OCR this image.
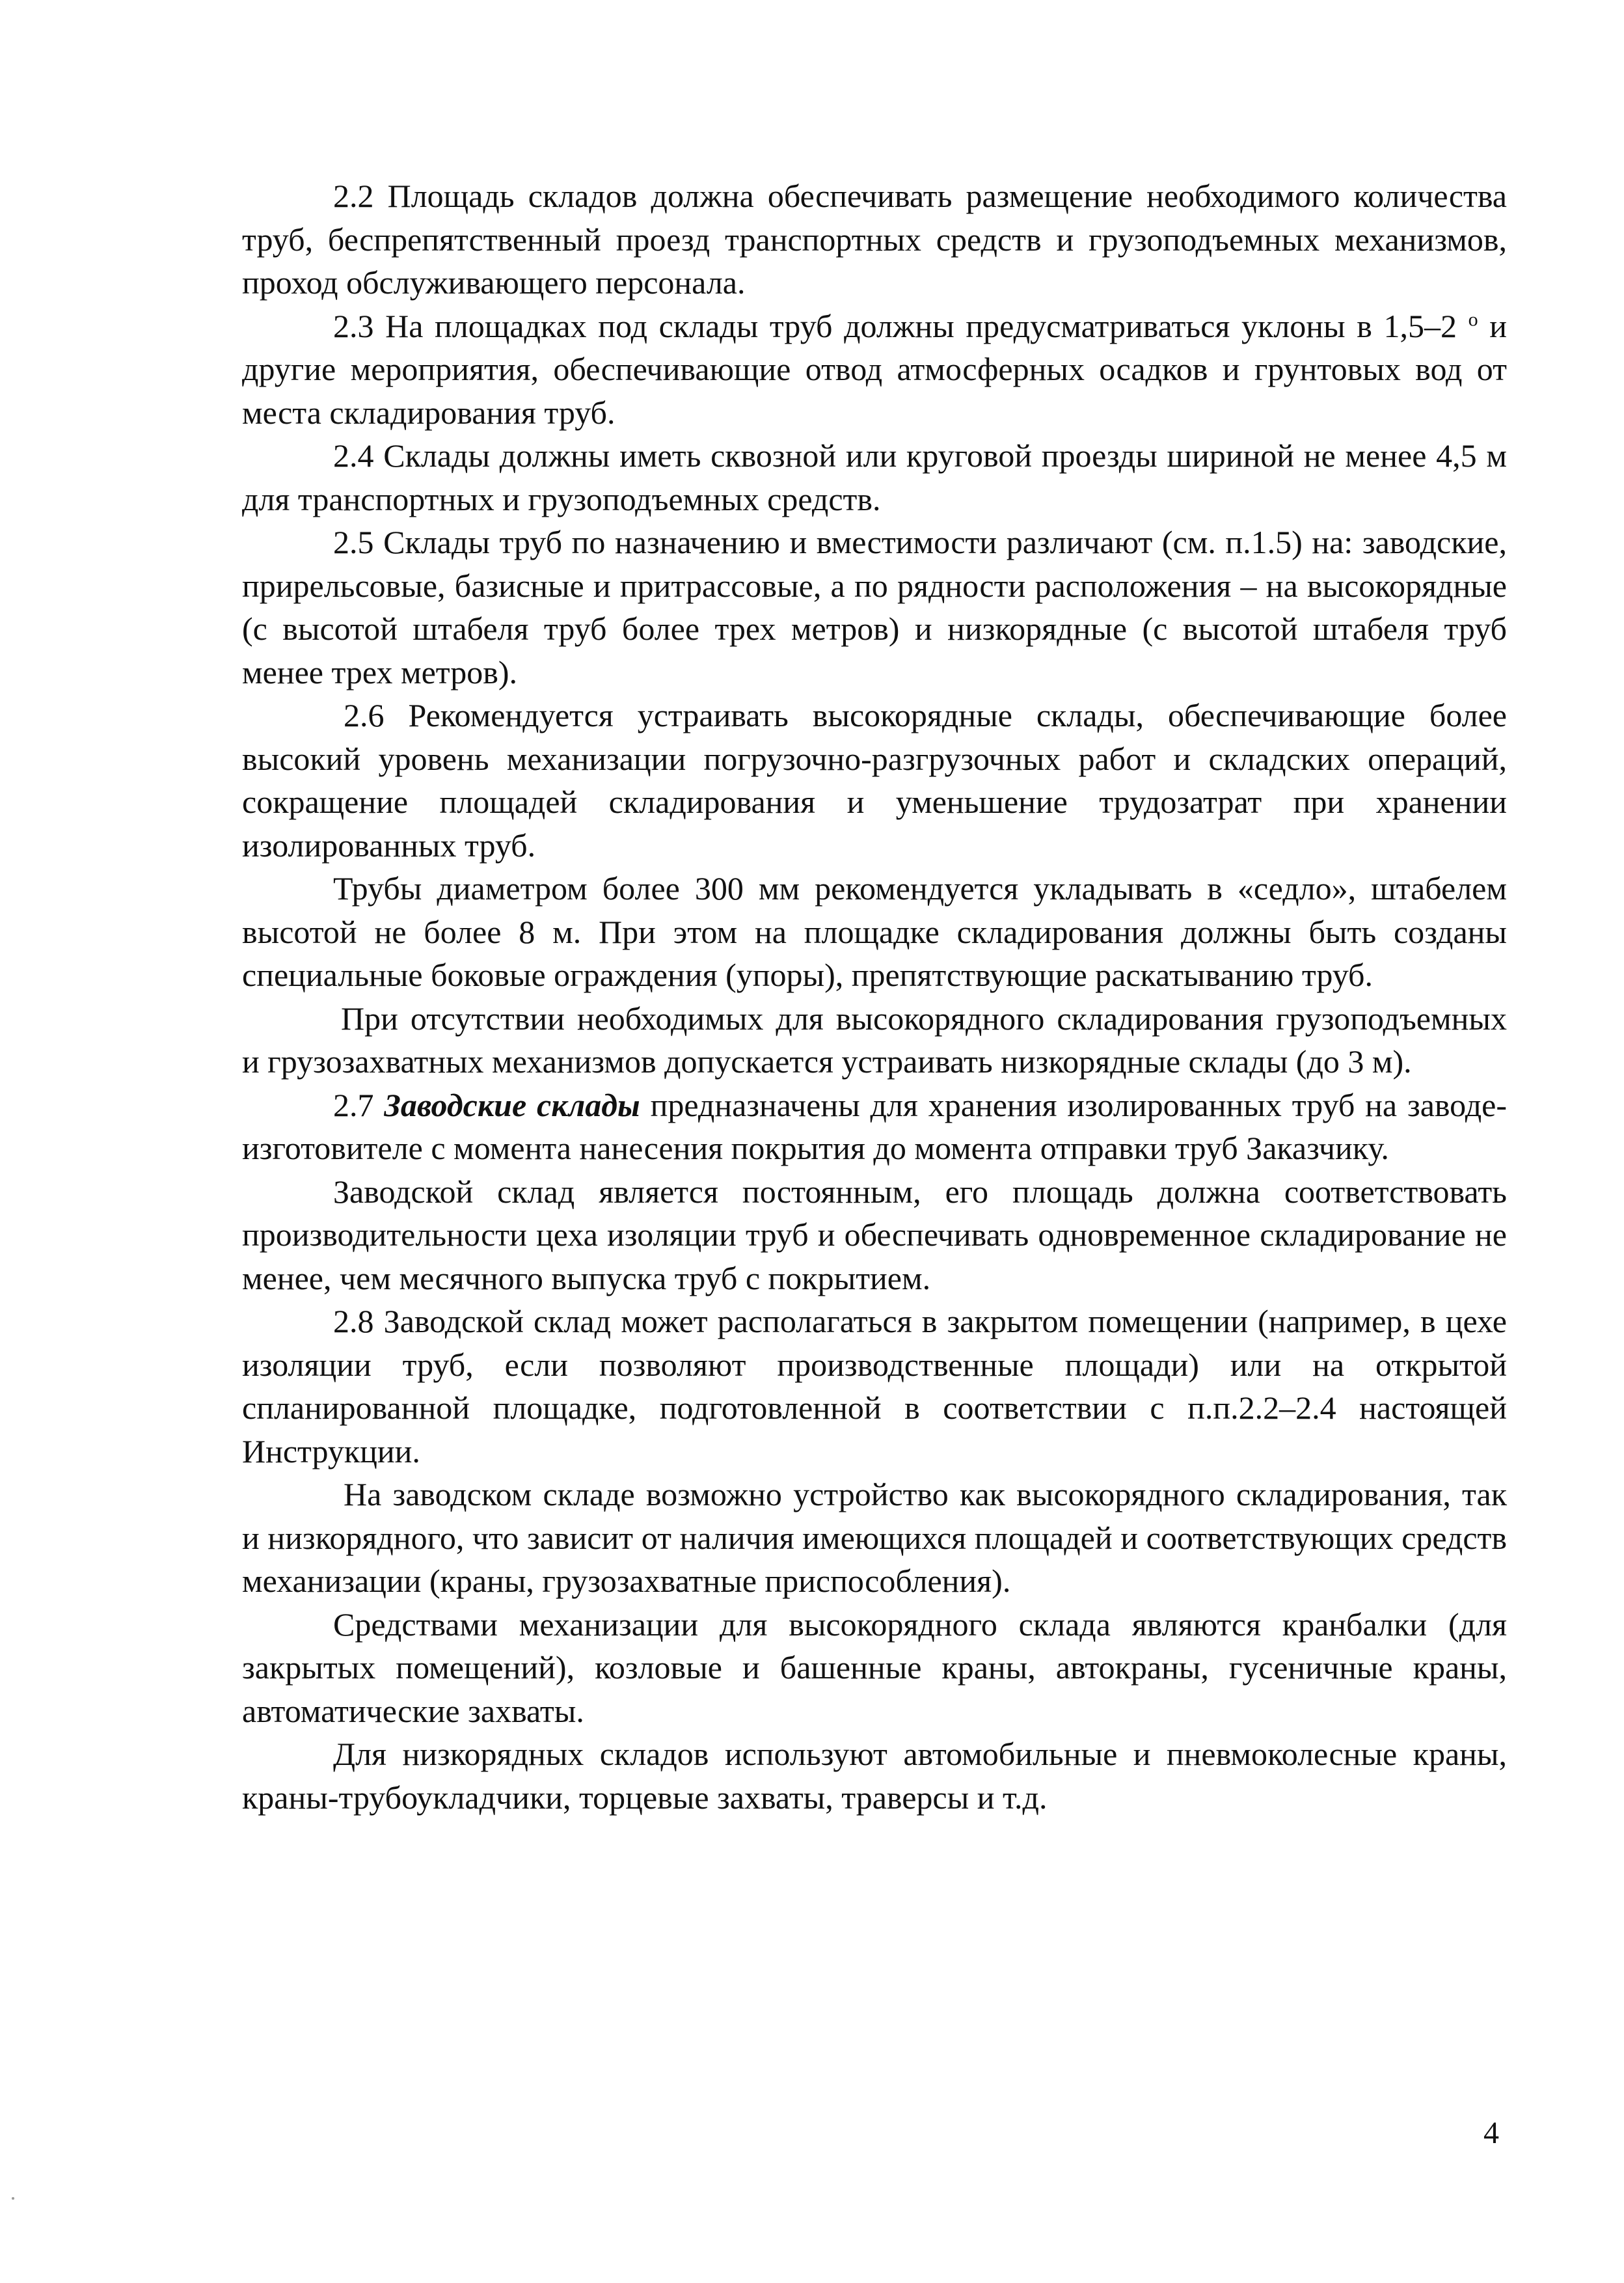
2.2 Площадь складов должна обеспечивать размещение необходимого количества труб, беспрепятственный проезд транспортных средств и грузоподъемных механизмов, проход обслуживающего персонала.

2.3 На площадках под склады труб должны предусматриваться уклоны в 1,5–2 $^о$ и другие мероприятия, обеспечивающие отвод атмосферных осадков и грунтовых вод от места складирования труб.

2.4 Склады должны иметь сквозной или круговой проезды шириной не менее 4,5 м для транспортных и грузоподъемных средств.

2.5 Склады труб по назначению и вместимости различают (см. п.1.5) на: заводские, прирельсовые, базисные и притрассовые, а по рядности расположения – на высокорядные (с высотой штабеля труб более трех метров) и низкорядные (с высотой штабеля труб менее трех метров).

2.6 Рекомендуется устраивать высокорядные склады, обеспечивающие более высокий уровень механизации погрузочно-разгрузочных работ и складских операций, сокращение площадей складирования и уменьшение трудозатрат при хранении изолированных труб.

Трубы диаметром более 300 мм рекомендуется укладывать в «седло», штабелем высотой не более 8 м. При этом на площадке складирования должны быть созданы специальные боковые ограждения (упоры), препятствующие раскатыванию труб.

При отсутствии необходимых для высокорядного складирования грузоподъемных и грузозахватных механизмов допускается устраивать низкорядные склады (до 3 м).

2.7 Заводские склады предназначены для хранения изолированных труб на заводе-изготовителе с момента нанесения покрытия до момента отправки труб Заказчику.

Заводской склад является постоянным, его площадь должна соответствовать производительности цеха изоляции труб и обеспечивать одновременное складирование не менее, чем месячного выпуска труб с покрытием.

2.8 Заводской склад может располагаться в закрытом помещении (например, в цехе изоляции труб, если позволяют производственные площади) или на открытой спланированной площадке, подготовленной в соответствии с п.п.2.2–2.4 настоящей Инструкции.

На заводском складе возможно устройство как высокорядного складирования, так и низкорядного, что зависит от наличия имеющихся площадей и соответствующих средств механизации (краны, грузозахватные приспособления).

Средствами механизации для высокорядного склада являются кранбалки (для закрытых помещений), козловые и башенные краны, автокраны, гусеничные краны, автоматические захваты.

Для низкорядных складов используют автомобильные и пневмоколесные краны, краны-трубоукладчики, торцевые захваты, траверсы и т.д.

4
